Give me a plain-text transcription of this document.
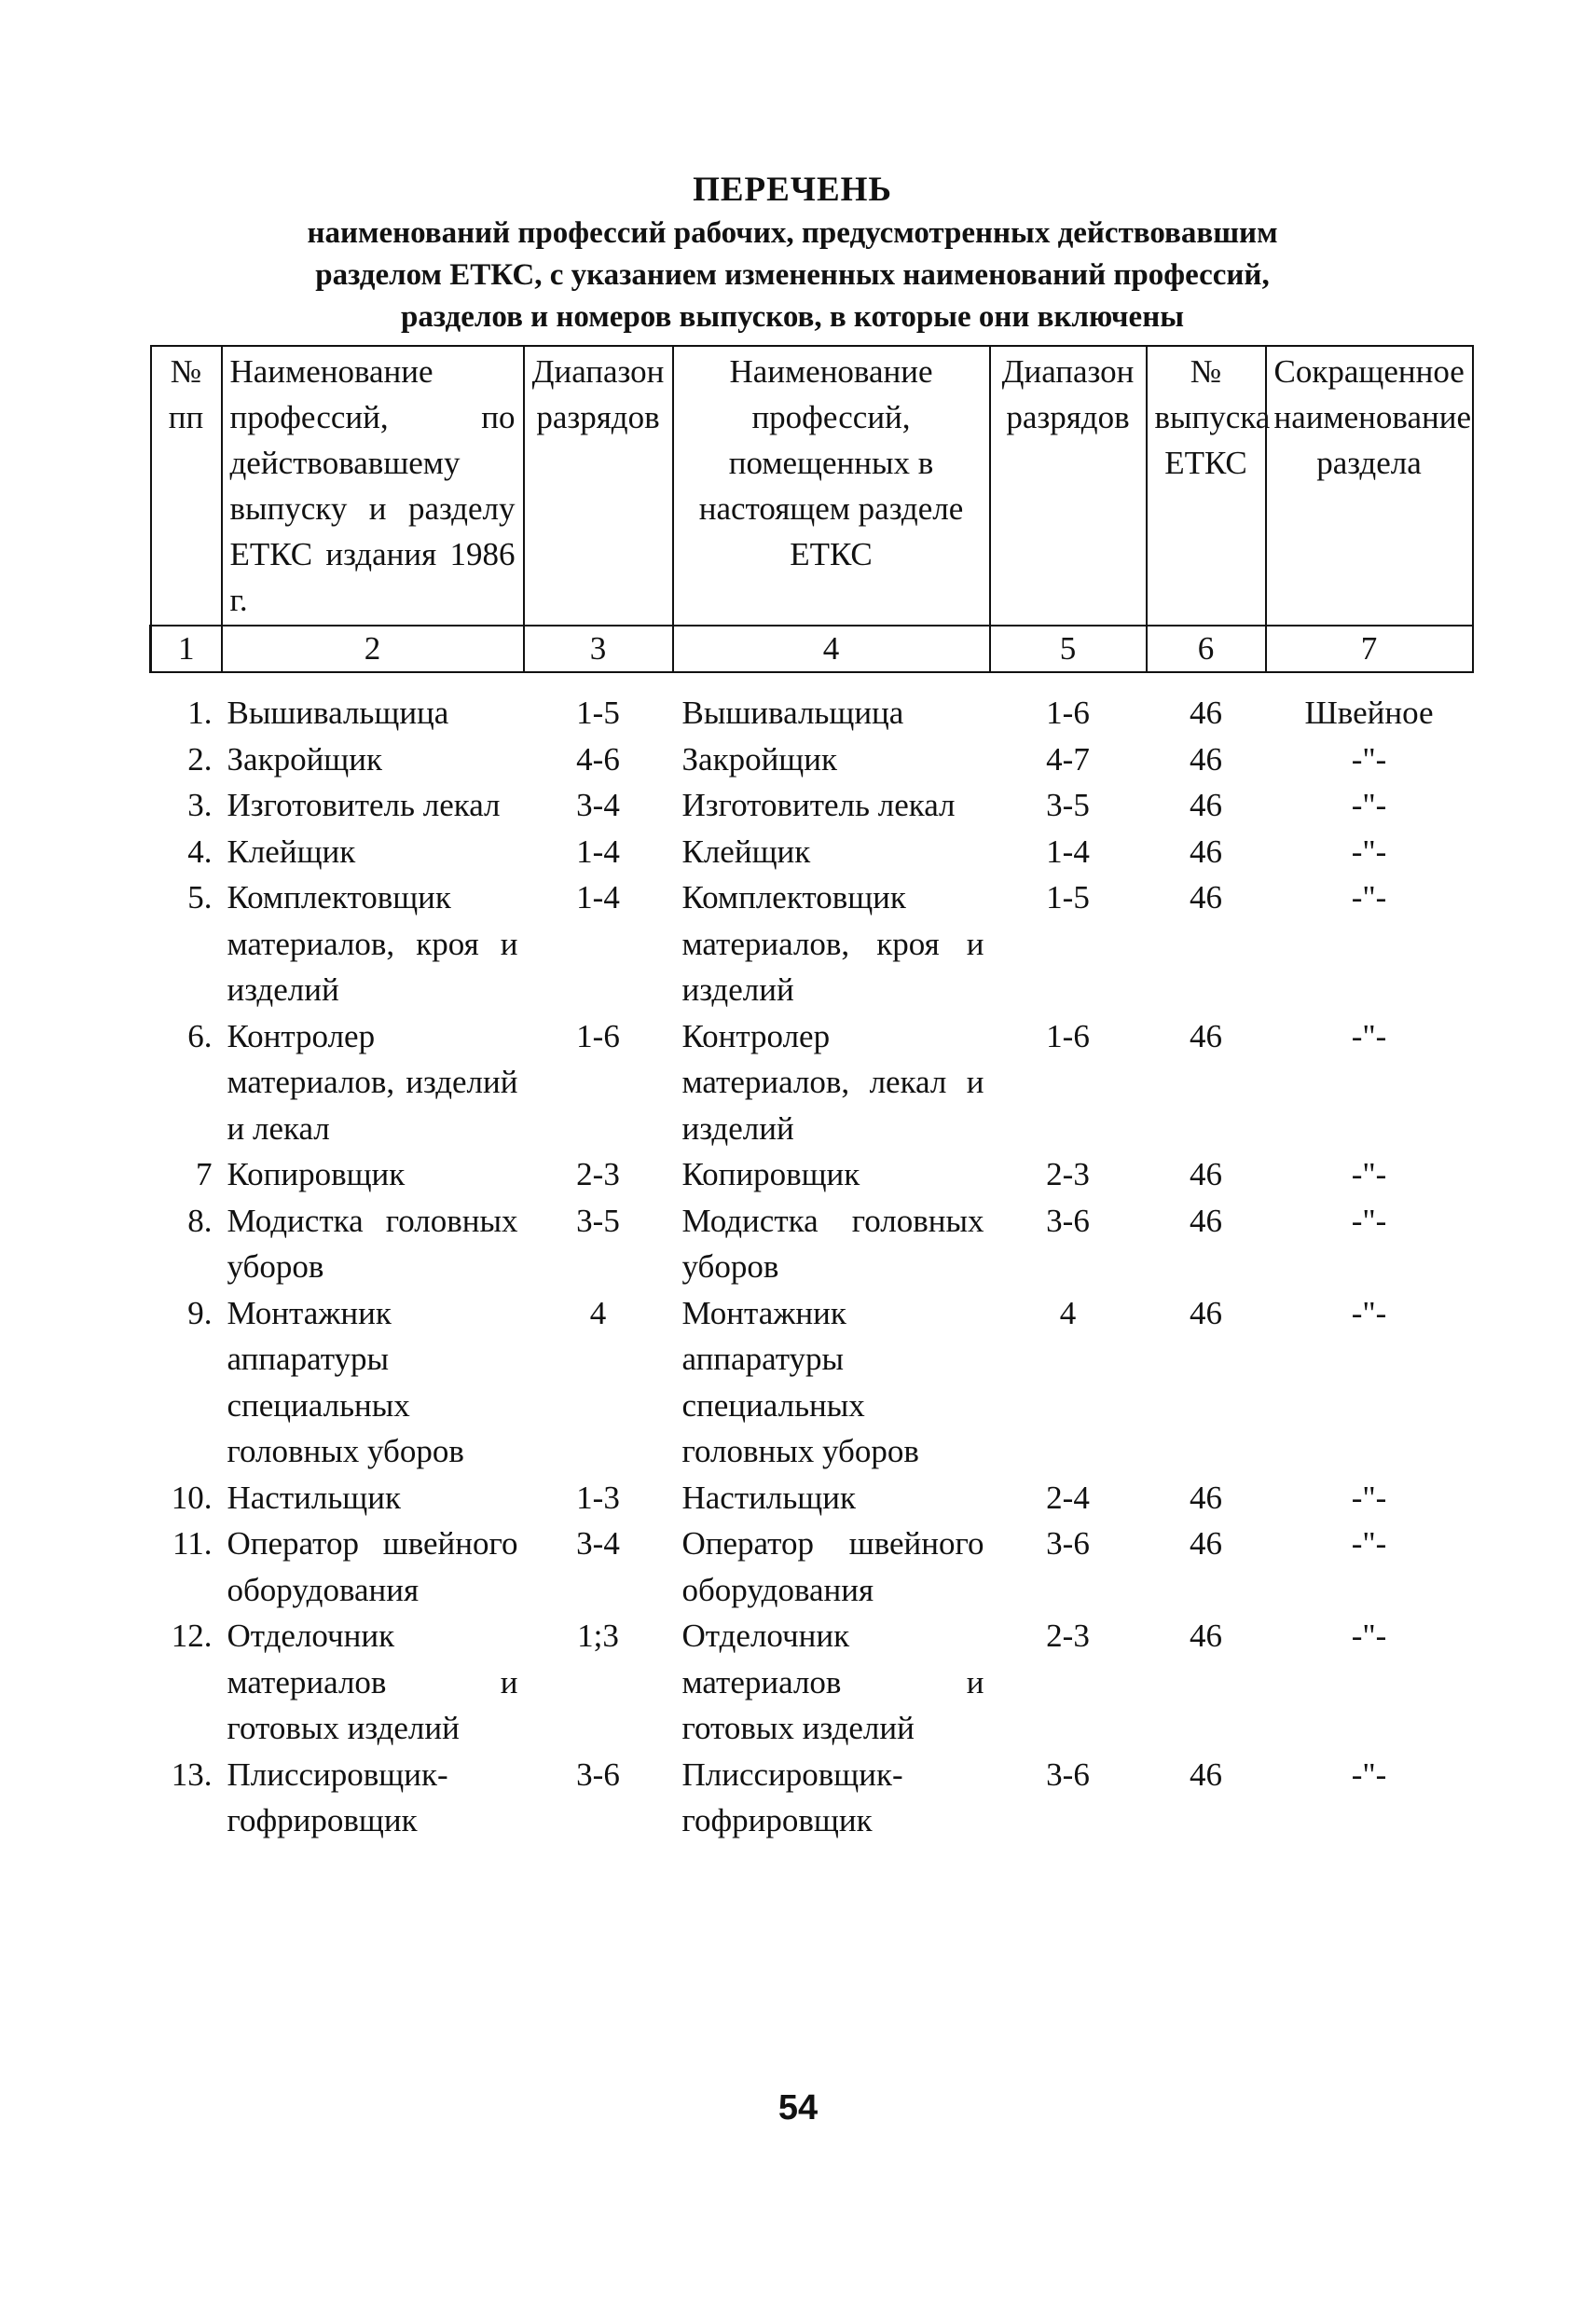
ПЕРЕЧЕНЬ
наименований профессий рабочих, предусмотренных действовавшим
разделом ЕТКС, с указанием измененных наименований профессий,
разделов и номеров выпусков, в которые они включены
№ пп	Наименование профессий, по действовавшему выпуску и разделу ЕТКС издания 1986 г.	Диапазон разрядов	Наименование профессий, помещенных в настоящем разделе ЕТКС	Диапазон разрядов	№ выпуска ЕТКС	Сокращенное наименование раздела
1	2	3	4	5	6	7

1.	Вышивальщица	1-5	Вышивальщица	1-6	46	Швейное
2.	Закройщик	4-6	Закройщик	4-7	46	-"-
3.	Изготовитель лекал	3-4	Изготовитель лекал	3-5	46	-"-
4.	Клейщик	1-4	Клейщик	1-4	46	-"-
5.	Комплектовщик материалов, кроя и изделий	1-4	Комплектовщик материалов, кроя и изделий	1-5	46	-"-
6.	Контролер материалов, изделий и лекал	1-6	Контролер материалов, лекал и изделий	1-6	46	-"-
7	Копировщик	2-3	Копировщик	2-3	46	-"-
8.	Модистка головных уборов	3-5	Модистка головных уборов	3-6	46	-"-
9.	Монтажник аппаратуры специальных головных уборов	4	Монтажник аппаратуры специальных головных уборов	4	46	-"-
10.	Настильщик	1-3	Настильщик	2-4	46	-"-
11.	Оператор швейного оборудования	3-4	Оператор швейного оборудования	3-6	46	-"-
12.	Отделочник материалов и готовых изделий	1;3	Отделочник материалов и готовых изделий	2-3	46	-"-
13.	Плиссировщик-гофрировщик	3-6	Плиссировщик-гофрировщик	3-6	46	-"-
54
